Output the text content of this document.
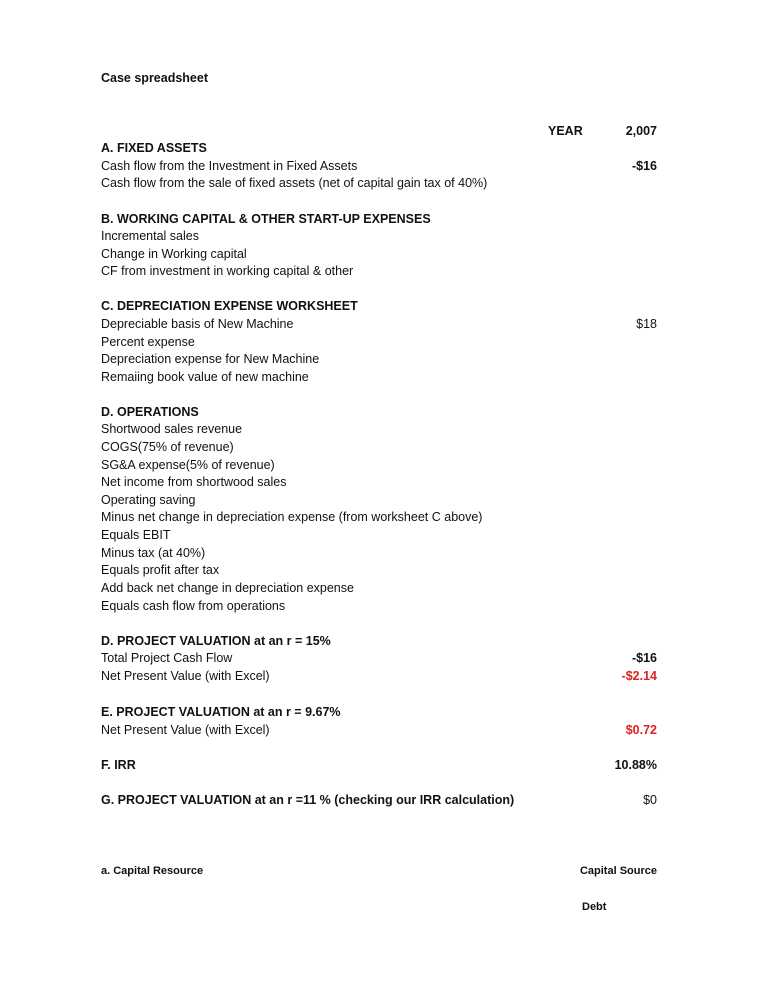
Case spreadsheet
YEAR	2,007
A. FIXED ASSETS
Cash flow from the Investment in Fixed Assets	-$16
Cash flow from the sale of fixed assets (net of capital gain tax of 40%)
B. WORKING CAPITAL & OTHER START-UP EXPENSES
Incremental sales
Change in Working capital
CF from investment in working capital & other
C. DEPRECIATION EXPENSE WORKSHEET
Depreciable basis of New Machine	$18
Percent expense
Depreciation expense for New Machine
Remaiing book value of new machine
D. OPERATIONS
Shortwood sales revenue
COGS(75% of revenue)
SG&A expense(5% of revenue)
Net income from shortwood sales
Operating saving
Minus net change in depreciation expense (from worksheet C above)
Equals EBIT
Minus tax (at 40%)
Equals profit after tax
Add back net change in depreciation expense
Equals cash flow from operations
D. PROJECT VALUATION at an r = 15%
Total Project Cash Flow	-$16
Net Present Value (with Excel)	-$2.14
E. PROJECT VALUATION at an r = 9.67%
Net Present Value (with Excel)	$0.72
F. IRR	10.88%
G. PROJECT VALUATION at an r =11 % (checking our IRR calculation)	$0
a. Capital Resource	Capital Source
Debt
